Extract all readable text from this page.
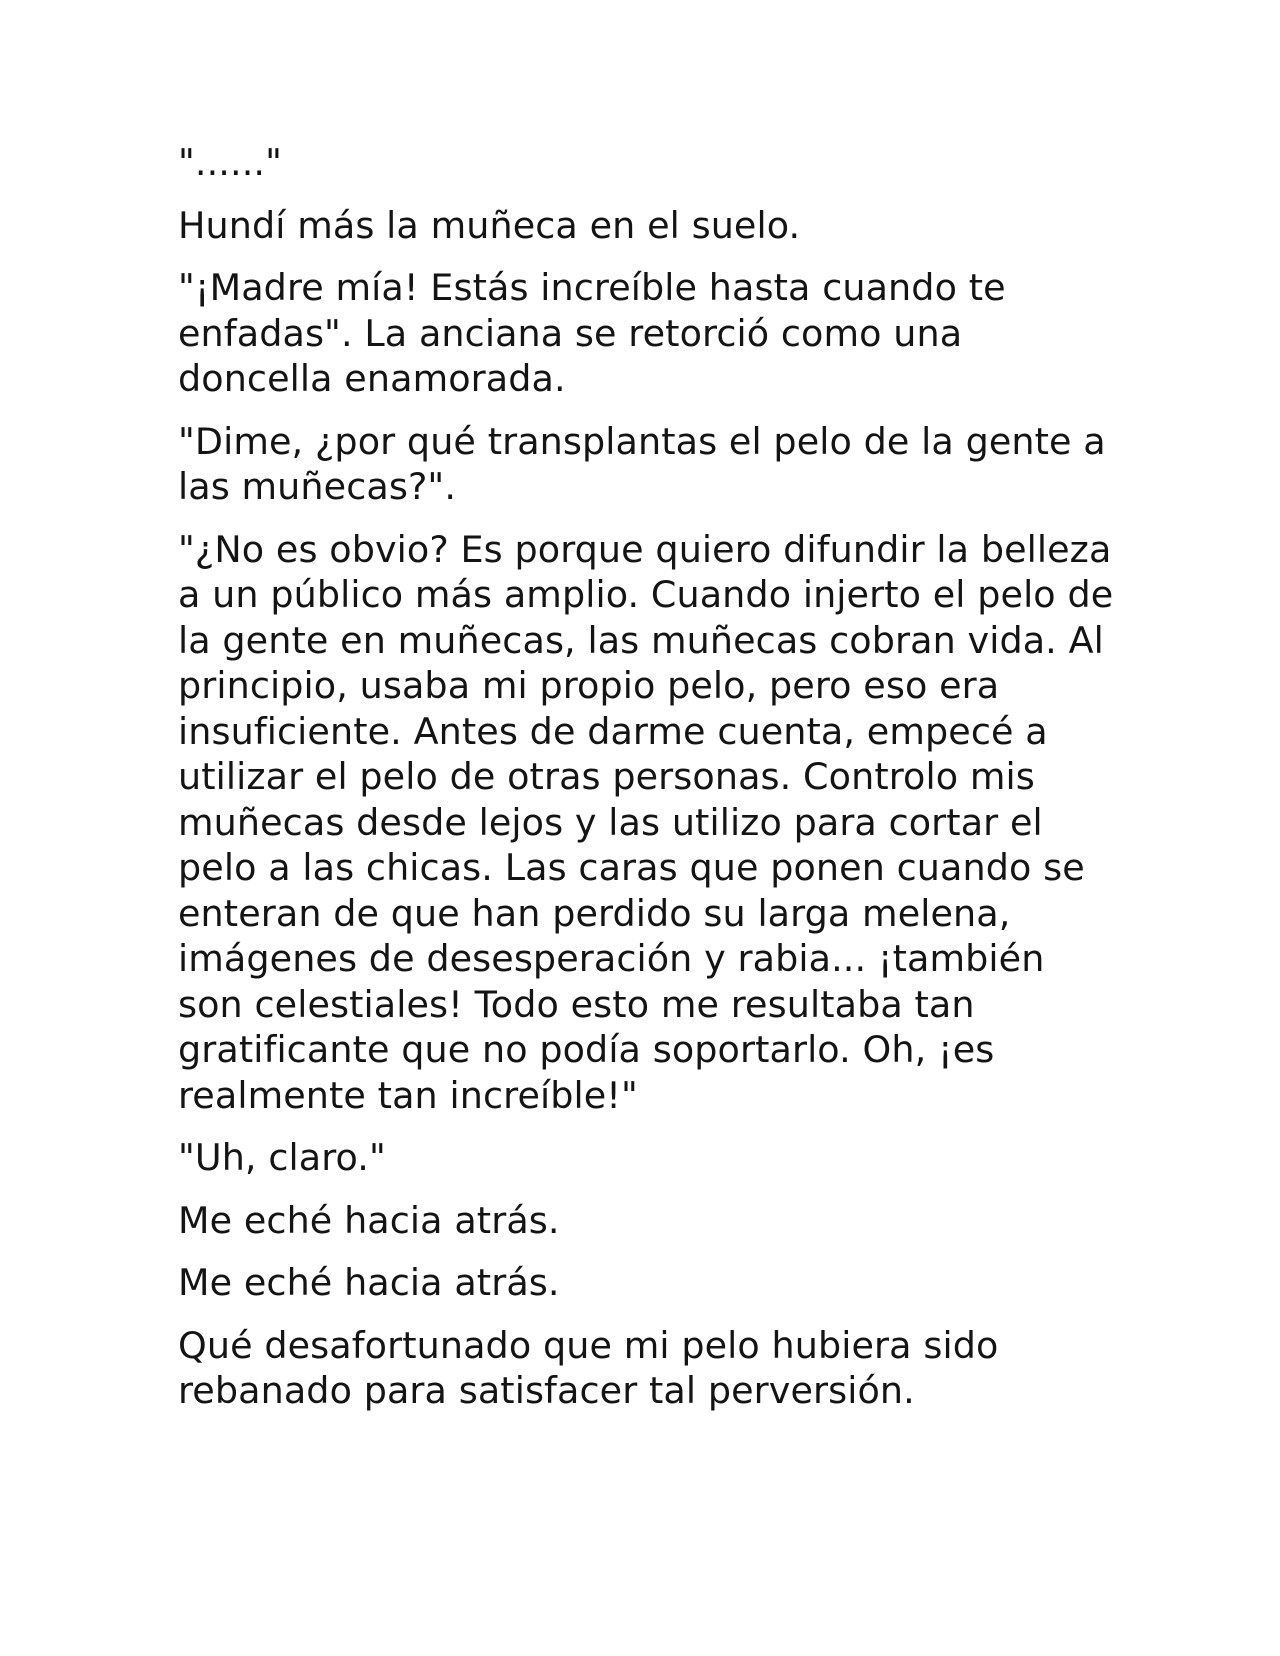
"......"

Hundí más la muñeca en el suelo.

"¡Madre mía! Estás increíble hasta cuando te enfadas". La anciana se retorció como una doncella enamorada.

"Dime, ¿por qué transplantas el pelo de la gente a las muñecas?".

"¿No es obvio? Es porque quiero difundir la belleza a un público más amplio. Cuando injerto el pelo de la gente en muñecas, las muñecas cobran vida. Al principio, usaba mi propio pelo, pero eso era insuficiente. Antes de darme cuenta, empecé a utilizar el pelo de otras personas. Controlo mis muñecas desde lejos y las utilizo para cortar el pelo a las chicas. Las caras que ponen cuando se enteran de que han perdido su larga melena, imágenes de desesperación y rabia... ¡también son celestiales! Todo esto me resultaba tan gratificante que no podía soportarlo. Oh, ¡es realmente tan increíble!"

"Uh, claro."

Me eché hacia atrás.

Me eché hacia atrás.

Qué desafortunado que mi pelo hubiera sido rebanado para satisfacer tal perversión.
